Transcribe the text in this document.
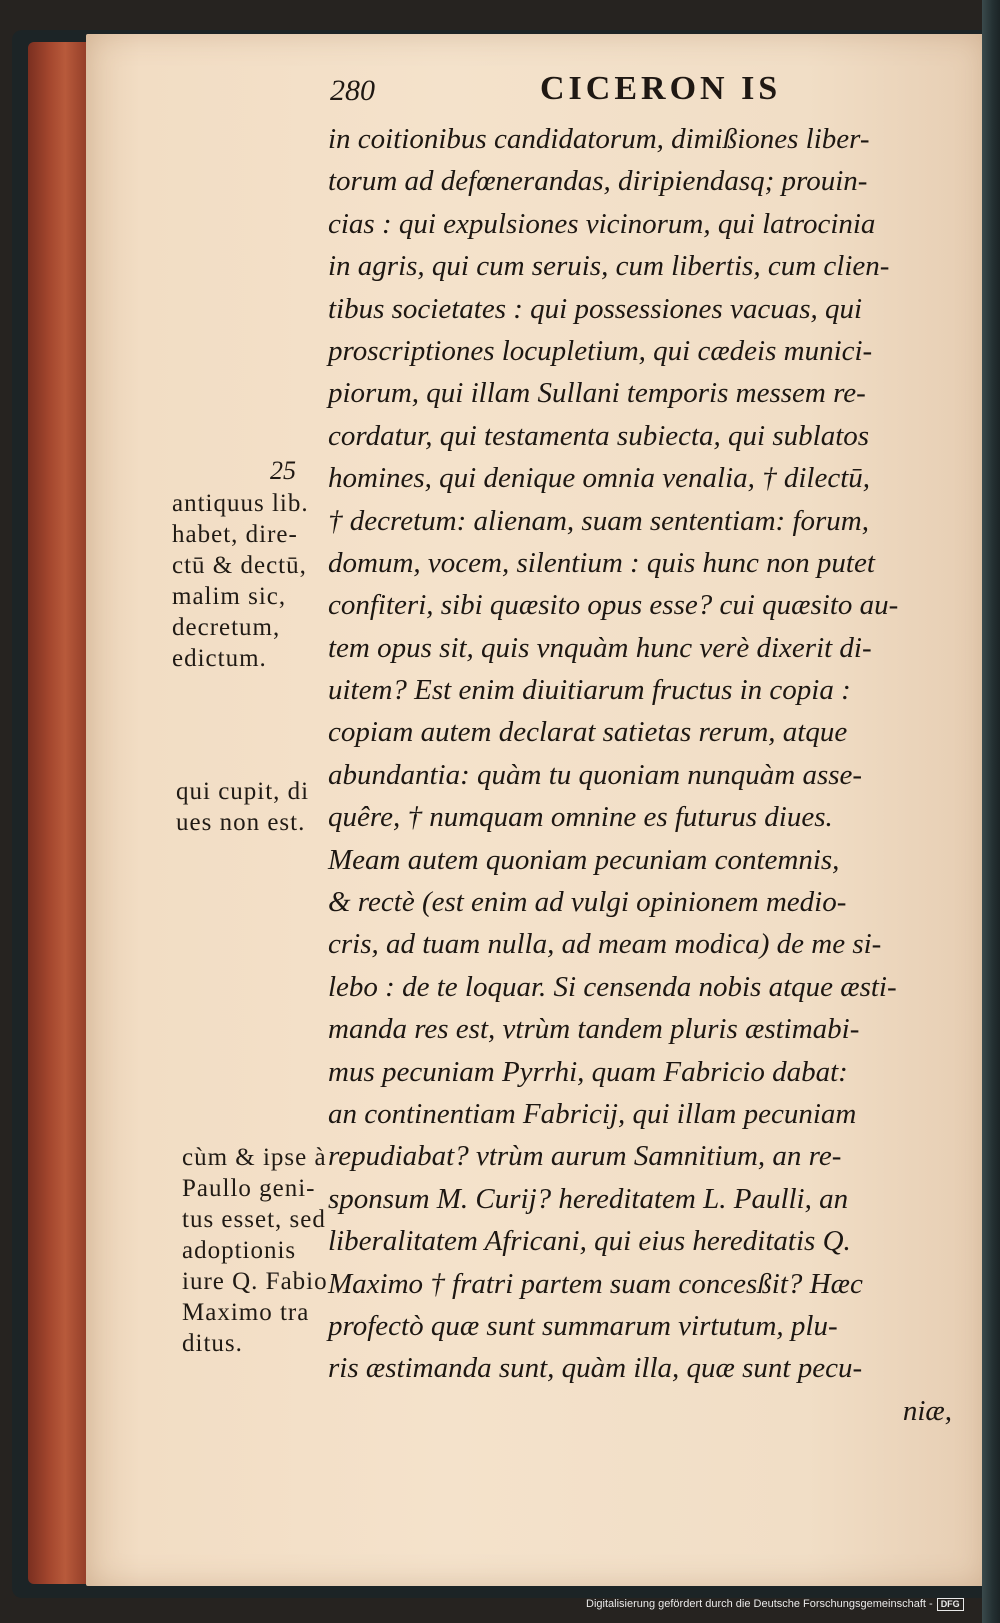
280	CICERON IS
in coitionibus candidatorum, dimißiones liber-
torum ad defœnerandas, diripiendasq; prouin-
cias : qui expulsiones vicinorum, qui latrocinia
in agris, qui cum seruis, cum libertis, cum clien-
tibus societates : qui possessiones vacuas, qui
proscriptiones locupletium, qui cædeis munici-
piorum, qui illam Sullani temporis messem re-
cordatur, qui testamenta subiecta, qui sublatos
homines, qui denique omnia venalia, † dilectū,
† decretum: alienam, suam sententiam: forum,
domum, vocem, silentium : quis hunc non putet
confiteri, sibi quæsito opus esse? cui quæsito au-
tem opus sit, quis vnquàm hunc verè dixerit di-
uitem? Est enim diuitiarum fructus in copia :
copiam autem declarat satietas rerum, atque
abundantia: quàm tu quoniam nunquàm asse-
quêre, † numquam omnine es futurus diues.
Meam autem quoniam pecuniam contemnis,
& rectè (est enim ad vulgi opinionem medio-
cris, ad tuam nulla, ad meam modica) de me si-
lebo : de te loquar. Si censenda nobis atque æsti-
manda res est, vtrùm tandem pluris æstimabi-
mus pecuniam Pyrrhi, quam Fabricio dabat:
an continentiam Fabricij, qui illam pecuniam
repudiabat? vtrùm aurum Samnitium, an re-
sponsum M. Curij? hereditatem L. Paulli, an
liberalitatem Africani, qui eius hereditatis Q.
Maximo † fratri partem suam concesßit? Hæc
profectò quæ sunt summarum virtutum, plu-
ris æstimanda sunt, quàm illa, quæ sunt pecu-
niæ,
25
antiquus lib.
habet, dire-
ctū & dectū,
malim sic,
decretum,
edictum.
qui cupit, di
ues non est.
cùm & ipse à
Paullo geni-
tus esset, sed
adoptionis
iure Q. Fabio
Maximo tra
ditus.
Digitalisierung gefördert durch die Deutsche Forschungsgemeinschaft - DFG
